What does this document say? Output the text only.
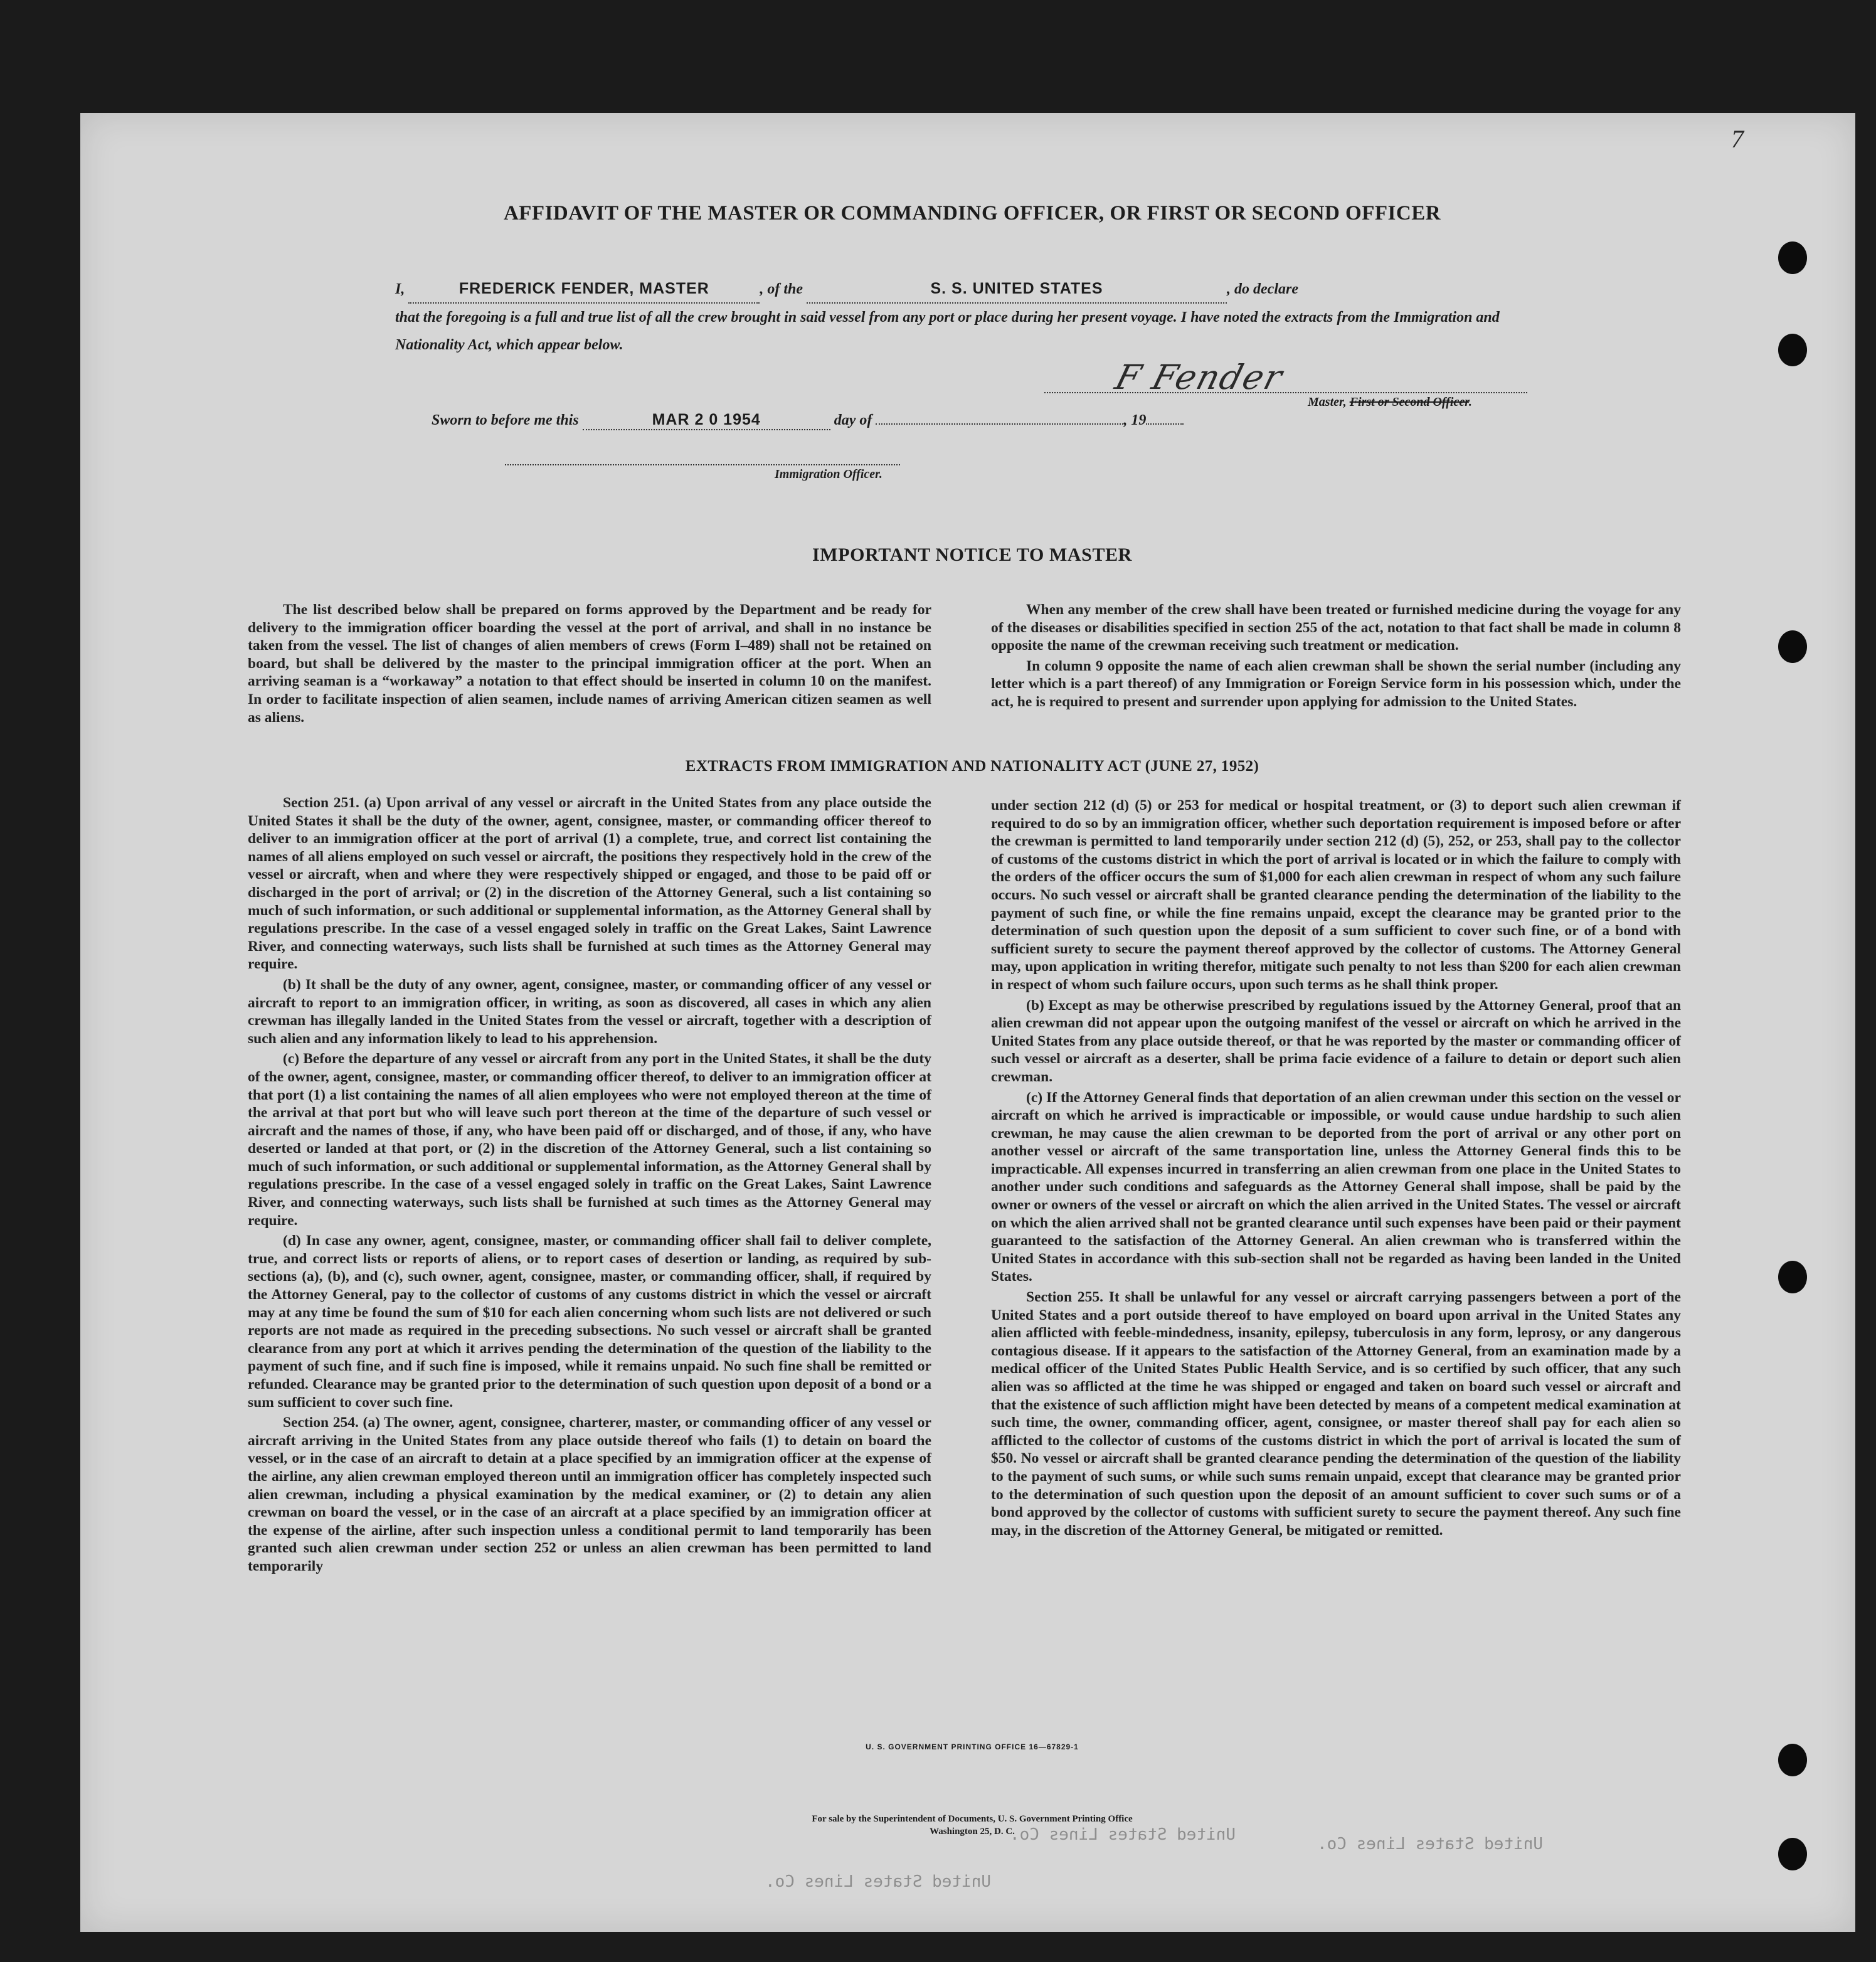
7
United States Lines Co.
United States Lines Co.	United States Lines Co.
AFFIDAVIT OF THE MASTER OR COMMANDING OFFICER, OR FIRST OR SECOND OFFICER
I,	FREDERICK FENDER, MASTER	, of the	S. S. UNITED STATES	, do declare
that the foregoing is a full and true list of all the crew brought in said vessel from any port or place during her present voyage. I have noted the extracts from the Immigration and Nationality Act, which appear below.
F Fender
Master, First or Second Officer.
Sworn to before me this	MAR 2 0 1954	day of	, 19
Immigration Officer.
IMPORTANT NOTICE TO MASTER

The list described below shall be prepared on forms approved by the Department and be ready for delivery to the immigration officer boarding the vessel at the port of arrival, and shall in no instance be taken from the vessel. The list of changes of alien members of crews (Form I–489) shall not be retained on board, but shall be delivered by the master to the principal immigration officer at the port. When an arriving seaman is a “workaway” a notation to that effect should be inserted in column 10 on the manifest. In order to facilitate inspection of alien seamen, include names of arriving American citizen seamen as well as aliens.

When any member of the crew shall have been treated or furnished medicine during the voyage for any of the diseases or disabilities specified in section 255 of the act, notation to that fact shall be made in column 8 opposite the name of the crewman receiving such treatment or medication.

In column 9 opposite the name of each alien crewman shall be shown the serial number (including any letter which is a part thereof) of any Immigration or Foreign Service form in his possession which, under the act, he is required to present and surrender upon applying for admission to the United States.

EXTRACTS FROM IMMIGRATION AND NATIONALITY ACT (JUNE 27, 1952)

Section 251. (a) Upon arrival of any vessel or aircraft in the United States from any place outside the United States it shall be the duty of the owner, agent, consignee, master, or commanding officer thereof to deliver to an immigration officer at the port of arrival (1) a complete, true, and correct list containing the names of all aliens employed on such vessel or aircraft, the positions they respectively hold in the crew of the vessel or aircraft, when and where they were respectively shipped or engaged, and those to be paid off or discharged in the port of arrival; or (2) in the discretion of the Attorney General, such a list containing so much of such information, or such additional or supplemental information, as the Attorney General shall by regulations prescribe. In the case of a vessel engaged solely in traffic on the Great Lakes, Saint Lawrence River, and connecting waterways, such lists shall be furnished at such times as the Attorney General may require.

(b) It shall be the duty of any owner, agent, consignee, master, or commanding officer of any vessel or aircraft to report to an immigration officer, in writing, as soon as discovered, all cases in which any alien crewman has illegally landed in the United States from the vessel or aircraft, together with a description of such alien and any information likely to lead to his apprehension.

(c) Before the departure of any vessel or aircraft from any port in the United States, it shall be the duty of the owner, agent, consignee, master, or commanding officer thereof, to deliver to an immigration officer at that port (1) a list containing the names of all alien employees who were not employed thereon at the time of the arrival at that port but who will leave such port thereon at the time of the departure of such vessel or aircraft and the names of those, if any, who have been paid off or discharged, and of those, if any, who have deserted or landed at that port, or (2) in the discretion of the Attorney General, such a list containing so much of such information, or such additional or supplemental information, as the Attorney General shall by regulations prescribe. In the case of a vessel engaged solely in traffic on the Great Lakes, Saint Lawrence River, and connecting waterways, such lists shall be furnished at such times as the Attorney General may require.

(d) In case any owner, agent, consignee, master, or commanding officer shall fail to deliver complete, true, and correct lists or reports of aliens, or to report cases of desertion or landing, as required by sub-sections (a), (b), and (c), such owner, agent, consignee, master, or commanding officer, shall, if required by the Attorney General, pay to the collector of customs of any customs district in which the vessel or aircraft may at any time be found the sum of $10 for each alien concerning whom such lists are not delivered or such reports are not made as required in the preceding subsections. No such vessel or aircraft shall be granted clearance from any port at which it arrives pending the determination of the question of the liability to the payment of such fine, and if such fine is imposed, while it remains unpaid. No such fine shall be remitted or refunded. Clearance may be granted prior to the determination of such question upon deposit of a bond or a sum sufficient to cover such fine.

Section 254. (a) The owner, agent, consignee, charterer, master, or commanding officer of any vessel or aircraft arriving in the United States from any place outside thereof who fails (1) to detain on board the vessel, or in the case of an aircraft to detain at a place specified by an immigration officer at the expense of the airline, any alien crewman employed thereon until an immigration officer has completely inspected such alien crewman, including a physical examination by the medical examiner, or (2) to detain any alien crewman on board the vessel, or in the case of an aircraft at a place specified by an immigration officer at the expense of the airline, after such inspection unless a conditional permit to land temporarily has been granted such alien crewman under section 252 or unless an alien crewman has been permitted to land temporarily

under section 212 (d) (5) or 253 for medical or hospital treatment, or (3) to deport such alien crewman if required to do so by an immigration officer, whether such deportation requirement is imposed before or after the crewman is permitted to land temporarily under section 212 (d) (5), 252, or 253, shall pay to the collector of customs of the customs district in which the port of arrival is located or in which the failure to comply with the orders of the officer occurs the sum of $1,000 for each alien crewman in respect of whom any such failure occurs. No such vessel or aircraft shall be granted clearance pending the determination of the liability to the payment of such fine, or while the fine remains unpaid, except the clearance may be granted prior to the determination of such question upon the deposit of a sum sufficient to cover such fine, or of a bond with sufficient surety to secure the payment thereof approved by the collector of customs. The Attorney General may, upon application in writing therefor, mitigate such penalty to not less than $200 for each alien crewman in respect of whom such failure occurs, upon such terms as he shall think proper.

(b) Except as may be otherwise prescribed by regulations issued by the Attorney General, proof that an alien crewman did not appear upon the outgoing manifest of the vessel or aircraft on which he arrived in the United States from any place outside thereof, or that he was reported by the master or commanding officer of such vessel or aircraft as a deserter, shall be prima facie evidence of a failure to detain or deport such alien crewman.

(c) If the Attorney General finds that deportation of an alien crewman under this section on the vessel or aircraft on which he arrived is impracticable or impossible, or would cause undue hardship to such alien crewman, he may cause the alien crewman to be deported from the port of arrival or any other port on another vessel or aircraft of the same transportation line, unless the Attorney General finds this to be impracticable. All expenses incurred in transferring an alien crewman from one place in the United States to another under such conditions and safeguards as the Attorney General shall impose, shall be paid by the owner or owners of the vessel or aircraft on which the alien arrived in the United States. The vessel or aircraft on which the alien arrived shall not be granted clearance until such expenses have been paid or their payment guaranteed to the satisfaction of the Attorney General. An alien crewman who is transferred within the United States in accordance with this sub-section shall not be regarded as having been landed in the United States.

Section 255. It shall be unlawful for any vessel or aircraft carrying passengers between a port of the United States and a port outside thereof to have employed on board upon arrival in the United States any alien afflicted with feeble-mindedness, insanity, epilepsy, tuberculosis in any form, leprosy, or any dangerous contagious disease. If it appears to the satisfaction of the Attorney General, from an examination made by a medical officer of the United States Public Health Service, and is so certified by such officer, that any such alien was so afflicted at the time he was shipped or engaged and taken on board such vessel or aircraft and that the existence of such affliction might have been detected by means of a competent medical examination at such time, the owner, commanding officer, agent, consignee, or master thereof shall pay for each alien so afflicted to the collector of customs of the customs district in which the port of arrival is located the sum of $50. No vessel or aircraft shall be granted clearance pending the determination of the question of the liability to the payment of such sums, or while such sums remain unpaid, except that clearance may be granted prior to the determination of such question upon the deposit of an amount sufficient to cover such sums or of a bond approved by the collector of customs with sufficient surety to secure the payment thereof. Any such fine may, in the discretion of the Attorney General, be mitigated or remitted.

U. S. GOVERNMENT PRINTING OFFICE 16—67829-1
For sale by the Superintendent of Documents, U. S. Government Printing Office
Washington 25, D. C.
